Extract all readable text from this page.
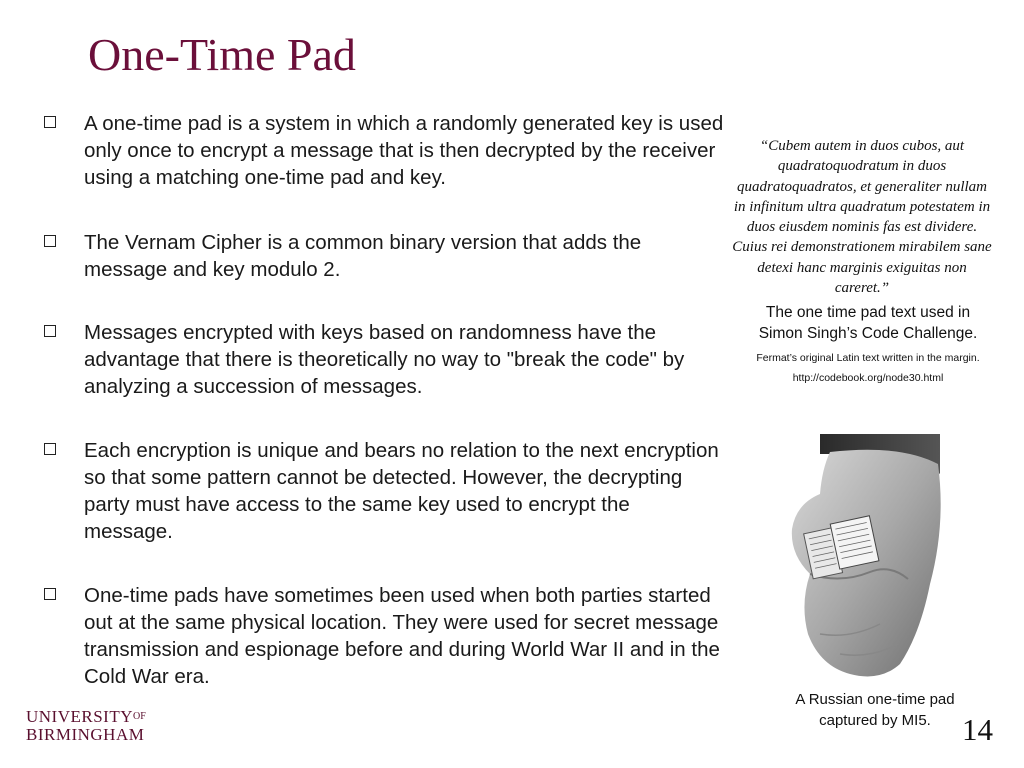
One-Time Pad
A one-time pad is a system in which a randomly generated key is used only once to encrypt a message that is then decrypted by the receiver using a matching one-time pad and key.
The Vernam Cipher is a common binary version that adds the message and key modulo 2.
Messages encrypted with keys based on randomness have the advantage that there is theoretically no way to "break the code" by analyzing a succession of messages.
Each encryption is unique and bears no relation to the next encryption so that some pattern cannot be detected. However, the decrypting party must have access to the same key used to encrypt the message.
One-time pads have sometimes been used when both parties started out at the same physical location. They were used for secret message transmission and espionage before and during World War II and in the Cold War era.

“Cubem autem in duos cubos, aut quadratoquodratum in duos quadratoquadratos, et generaliter nullam in infinitum ultra quadratum potestatem in duos eiusdem nominis fas est dividere. Cuius rei demonstrationem mirabilem sane detexi hanc marginis exiguitas non careret.”

The one time pad text used in Simon Singh’s Code Challenge.

Fermat’s original Latin text written in the margin.

http://codebook.org/node30.html

A Russian one-time pad captured by MI5.

$UNIVERSITY^{OF}$
BIRMINGHAM	14
